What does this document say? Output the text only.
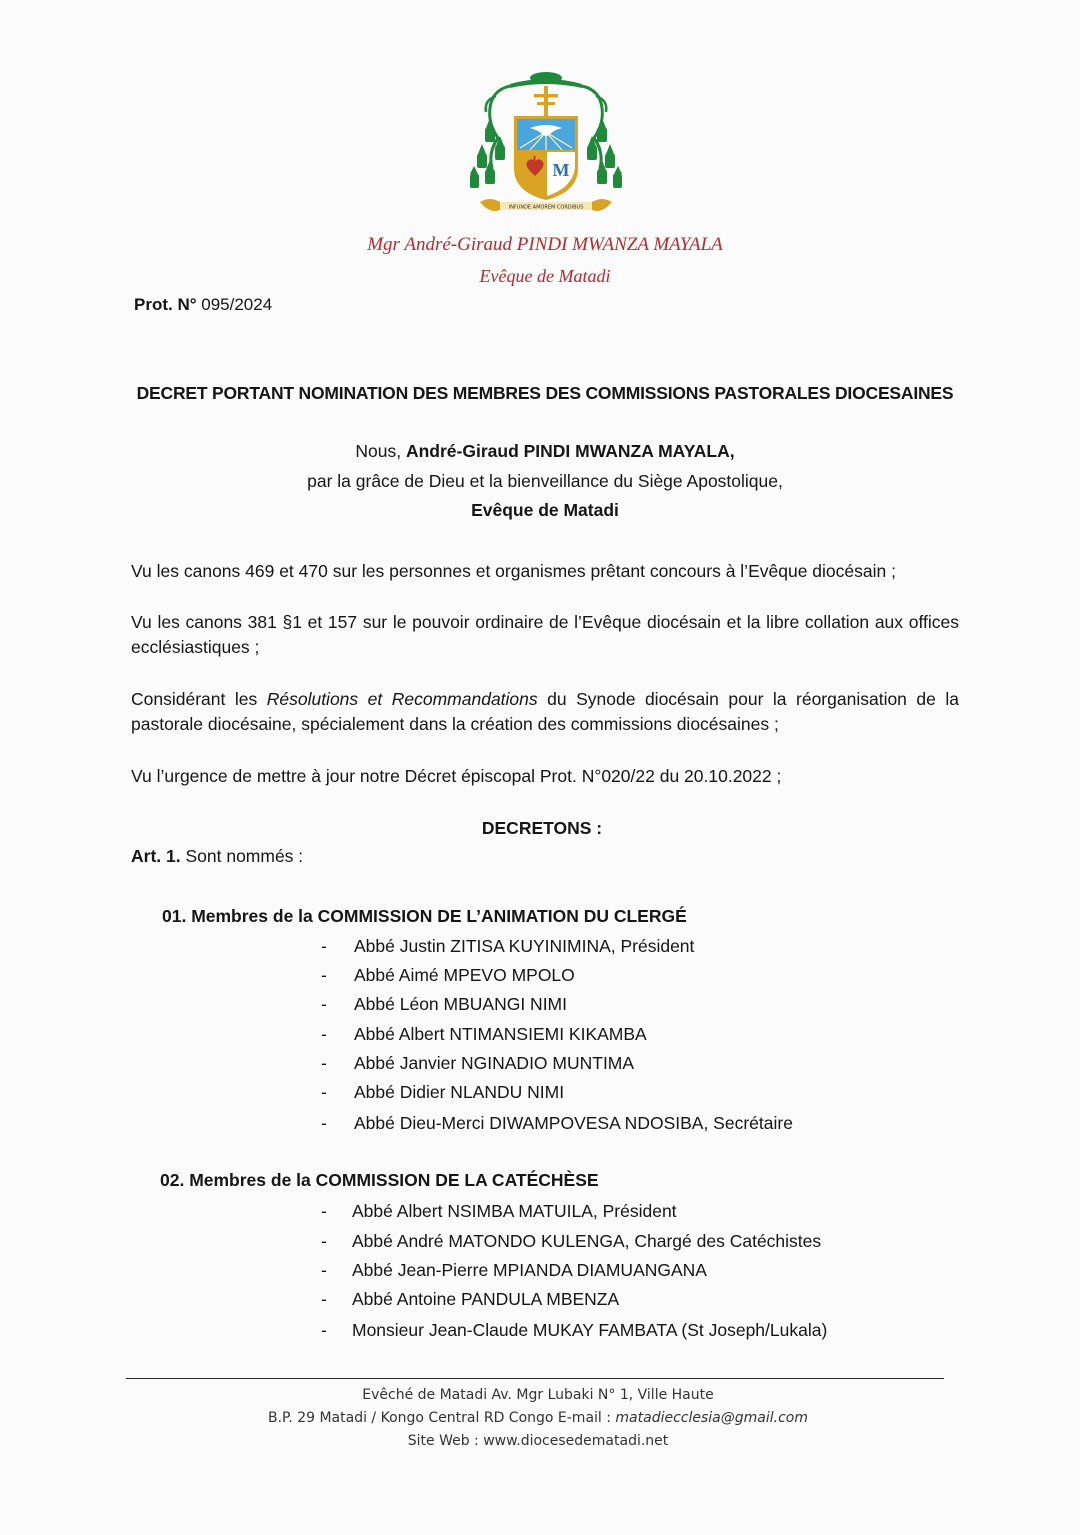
M
INFUNDE AMOREM CORDIBUS
Mgr André-Giraud PINDI MWANZA MAYALA
Evêque de Matadi
Prot. N° 095/2024
DECRET PORTANT NOMINATION DES MEMBRES DES COMMISSIONS PASTORALES DIOCESAINES
Nous, André-Giraud PINDI MWANZA MAYALA,
par la grâce de Dieu et la bienveillance du Siège Apostolique,
Evêque de Matadi
Vu les canons 469 et 470 sur les personnes et organismes prêtant concours à l’Evêque diocésain ;
Vu les canons 381 §1 et 157 sur le pouvoir ordinaire de l’Evêque diocésain et la libre collation aux offices ecclésiastiques ;
Considérant les Résolutions et Recommandations du Synode diocésain pour la réorganisation de la pastorale diocésaine, spécialement dans la création des commissions diocésaines ;
Vu l’urgence de mettre à jour notre Décret épiscopal Prot. N°020/22 du 20.10.2022 ;
DECRETONS :
Art. 1. Sont nommés :
01. Membres de la COMMISSION DE L’ANIMATION DU CLERGÉ
- Abbé Justin ZITISA KUYINIMINA, Président
- Abbé Aimé MPEVO MPOLO
- Abbé Léon MBUANGI NIMI
- Abbé Albert NTIMANSIEMI KIKAMBA
- Abbé Janvier NGINADIO MUNTIMA
- Abbé Didier NLANDU NIMI
- Abbé Dieu-Merci DIWAMPOVESA NDOSIBA, Secrétaire
02. Membres de la COMMISSION DE LA CATÉCHÈSE
- Abbé Albert NSIMBA MATUILA, Président
- Abbé André MATONDO KULENGA, Chargé des Catéchistes
- Abbé Jean-Pierre MPIANDA DIAMUANGANA
- Abbé Antoine PANDULA MBENZA
- Monsieur Jean-Claude MUKAY FAMBATA (St Joseph/Lukala)
Evêché de Matadi Av. Mgr Lubaki N° 1, Ville Haute
B.P. 29 Matadi / Kongo Central RD Congo E-mail : matadiecclesia@gmail.com
Site Web : www.diocesedematadi.net
